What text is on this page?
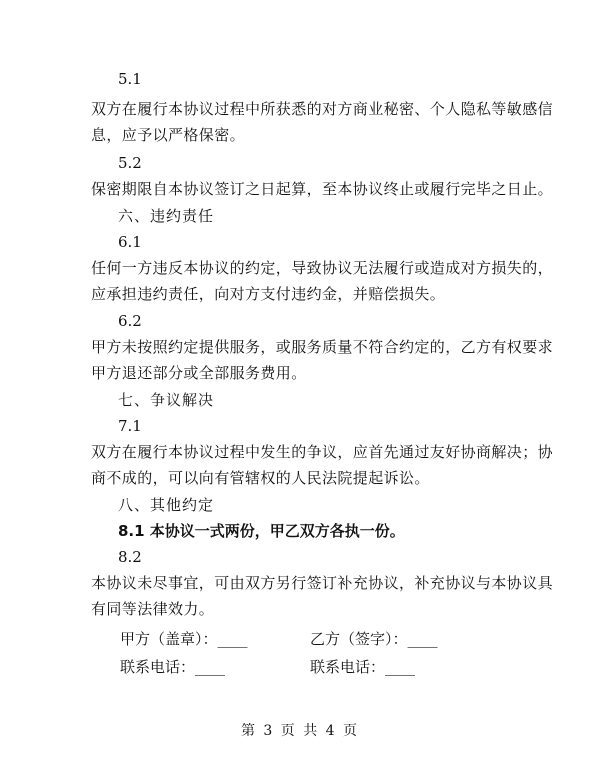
5.1
双方在履行本协议过程中所获悉的对方商业秘密、个人隐私等敏感信
息，应予以严格保密。
5.2
保密期限自本协议签订之日起算，至本协议终止或履行完毕之日止。
六、违约责任
6.1
任何一方违反本协议的约定，导致协议无法履行或造成对方损失的，
应承担违约责任，向对方支付违约金，并赔偿损失。
6.2
甲方未按照约定提供服务，或服务质量不符合约定的，乙方有权要求
甲方退还部分或全部服务费用。
七、争议解决
7.1
双方在履行本协议过程中发生的争议，应首先通过友好协商解决；协
商不成的，可以向有管辖权的人民法院提起诉讼。
八、其他约定
8.1 本协议一式两份，甲乙双方各执一份。
8.2
本协议未尽事宜，可由双方另行签订补充协议，补充协议与本协议具
有同等法律效力。
甲方（盖章）：____	乙方（签字）：____
联系电话：____	联系电话：____
第 3 页 共 4 页
